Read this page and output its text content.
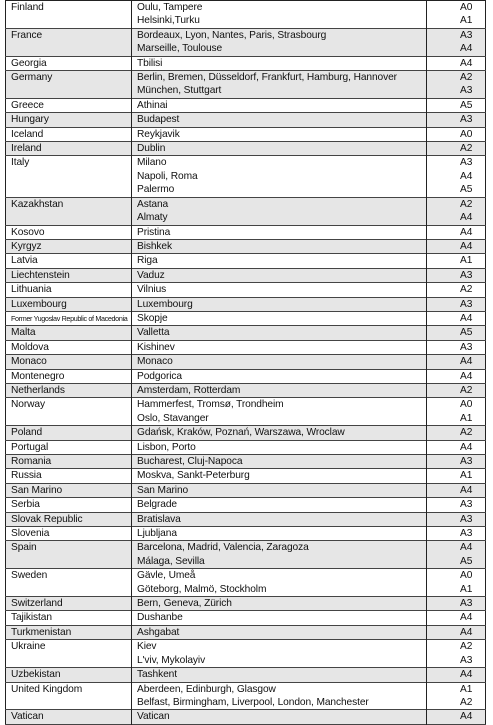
Finland	Oulu, Tampere	A0
	Helsinki,Turku	A1
France	Bordeaux, Lyon, Nantes, Paris, Strasbourg	A3
	Marseille, Toulouse	A4
Georgia	Tbilisi	A4
Germany	Berlin, Bremen, Düsseldorf, Frankfurt, Hamburg, Hannover	A2
	München, Stuttgart	A3
Greece	Athinai	A5
Hungary	Budapest	A3
Iceland	Reykjavik	A0
Ireland	Dublin	A2
Italy	Milano	A3
	Napoli, Roma	A4
	Palermo	A5
Kazakhstan	Astana	A2
	Almaty	A4
Kosovo	Pristina	A4
Kyrgyz	Bishkek	A4
Latvia	Riga	A1
Liechtenstein	Vaduz	A3
Lithuania	Vilnius	A2
Luxembourg	Luxembourg	A3
Former Yugoslav Republic of Macedonia	Skopje	A4
Malta	Valletta	A5
Moldova	Kishinev	A3
Monaco	Monaco	A4
Montenegro	Podgorica	A4
Netherlands	Amsterdam, Rotterdam	A2
Norway	Hammerfest, Tromsø, Trondheim	A0
	Oslo, Stavanger	A1
Poland	Gdańsk, Kraków, Poznań, Warszawa, Wroclaw	A2
Portugal	Lisbon, Porto	A4
Romania	Bucharest, Cluj-Napoca	A3
Russia	Moskva, Sankt-Peterburg	A1
San Marino	San Marino	A4
Serbia	Belgrade	A3
Slovak Republic	Bratislava	A3
Slovenia	Ljubljana	A3
Spain	Barcelona, Madrid, Valencia, Zaragoza	A4
	Málaga, Sevilla	A5
Sweden	Gävle, Umeå	A0
	Göteborg, Malmö, Stockholm	A1
Switzerland	Bern, Geneva, Zürich	A3
Tajikistan	Dushanbe	A4
Turkmenistan	Ashgabat	A4
Ukraine	Kiev	A2
	L'viv, Mykolayiv	A3
Uzbekistan	Tashkent	A4
United Kingdom	Aberdeen, Edinburgh, Glasgow	A1
	Belfast, Birmingham, Liverpool, London, Manchester	A2
Vatican	Vatican	A4
